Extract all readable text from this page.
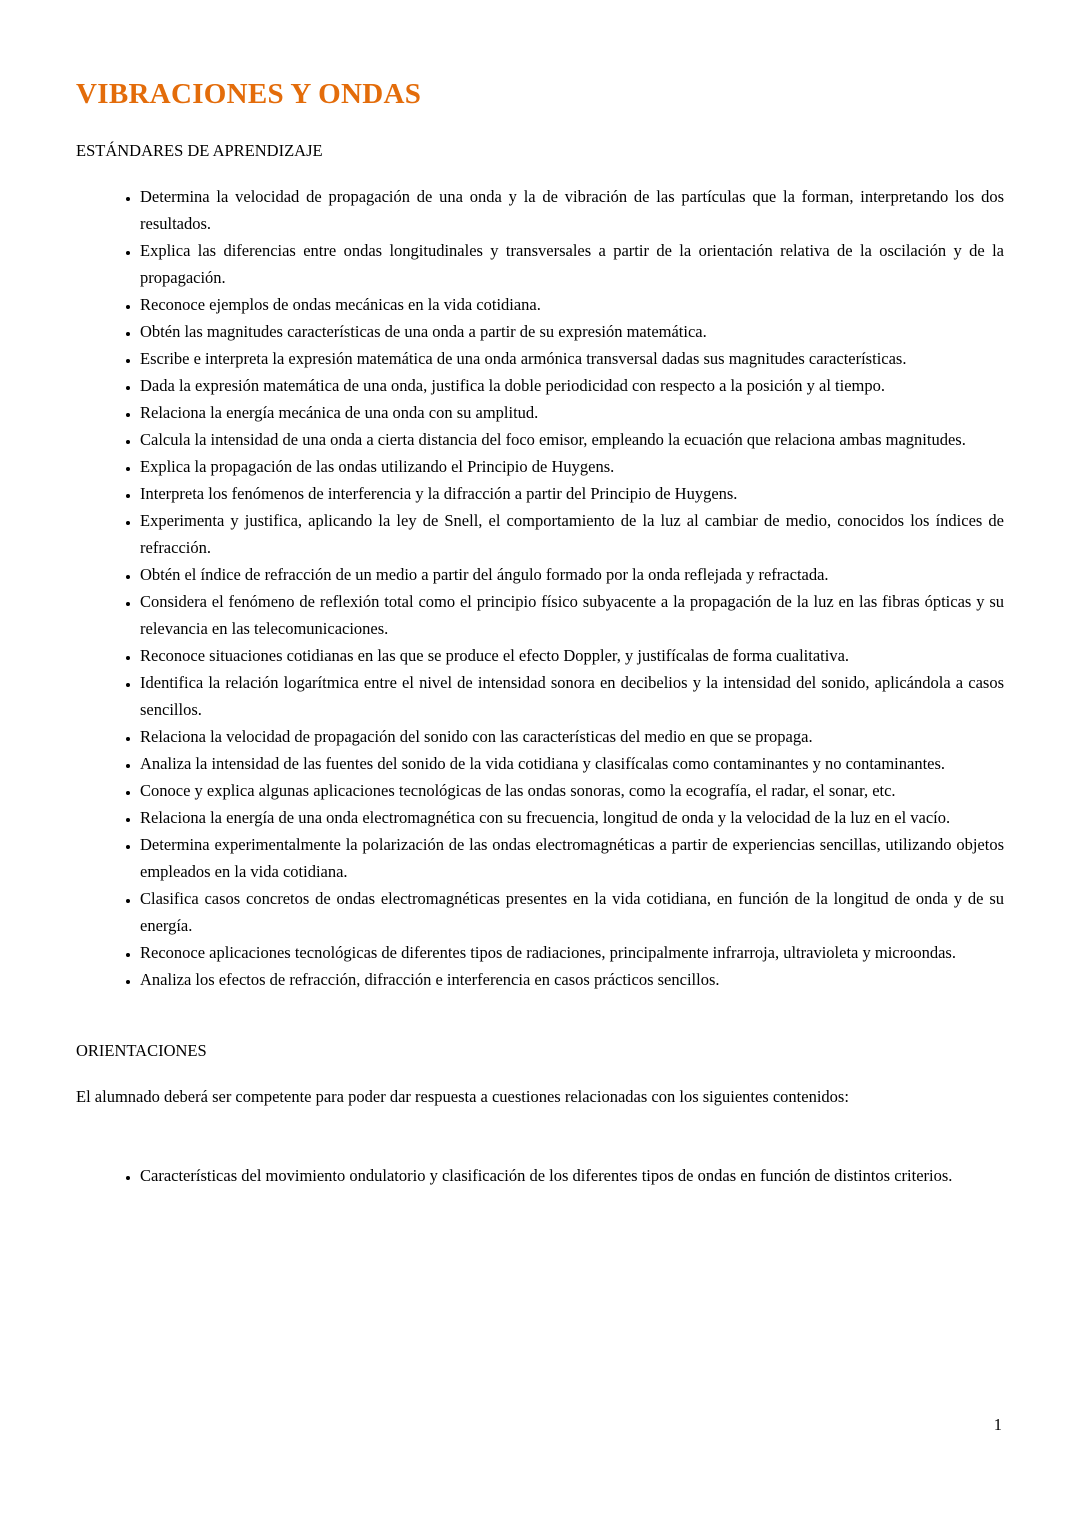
VIBRACIONES Y ONDAS
ESTÁNDARES DE APRENDIZAJE
• Determina la velocidad de propagación de una onda y la de vibración de las partículas que la forman, interpretando los dos resultados.
• Explica las diferencias entre ondas longitudinales y transversales a partir de la orientación relativa de la oscilación y de la propagación.
• Reconoce ejemplos de ondas mecánicas en la vida cotidiana.
• Obtén las magnitudes características de una onda a partir de su expresión matemática.
• Escribe e interpreta la expresión matemática de una onda armónica transversal dadas sus magnitudes características.
• Dada la expresión matemática de una onda, justifica la doble periodicidad con respecto a la posición y al tiempo.
• Relaciona la energía mecánica de una onda con su amplitud.
• Calcula la intensidad de una onda a cierta distancia del foco emisor, empleando la ecuación que relaciona ambas magnitudes.
• Explica la propagación de las ondas utilizando el Principio de Huygens.
• Interpreta los fenómenos de interferencia y la difracción a partir del Principio de Huygens.
• Experimenta y justifica, aplicando la ley de Snell, el comportamiento de la luz al cambiar de medio, conocidos los índices de refracción.
• Obtén el índice de refracción de un medio a partir del ángulo formado por la onda reflejada y refractada.
• Considera el fenómeno de reflexión total como el principio físico subyacente a la propagación de la luz en las fibras ópticas y su relevancia en las telecomunicaciones.
• Reconoce situaciones cotidianas en las que se produce el efecto Doppler, y justifícalas de forma cualitativa.
• Identifica la relación logarítmica entre el nivel de intensidad sonora en decibelios y la intensidad del sonido, aplicándola a casos sencillos.
• Relaciona la velocidad de propagación del sonido con las características del medio en que se propaga.
• Analiza la intensidad de las fuentes del sonido de la vida cotidiana y clasifícalas como contaminantes y no contaminantes.
• Conoce y explica algunas aplicaciones tecnológicas de las ondas sonoras, como la ecografía, el radar, el sonar, etc.
• Relaciona la energía de una onda electromagnética con su frecuencia, longitud de onda y la velocidad de la luz en el vacío.
• Determina experimentalmente la polarización de las ondas electromagnéticas a partir de experiencias sencillas, utilizando objetos empleados en la vida cotidiana.
• Clasifica casos concretos de ondas electromagnéticas presentes en la vida cotidiana, en función de la longitud de onda y de su energía.
• Reconoce aplicaciones tecnológicas de diferentes tipos de radiaciones, principalmente infrarroja, ultravioleta y microondas.
• Analiza los efectos de refracción, difracción e interferencia en casos prácticos sencillos.
ORIENTACIONES

El alumnado deberá ser competente para poder dar respuesta a cuestiones relacionadas con los siguientes contenidos:

• Características del movimiento ondulatorio y clasificación de los diferentes tipos de ondas en función de distintos criterios.
1
